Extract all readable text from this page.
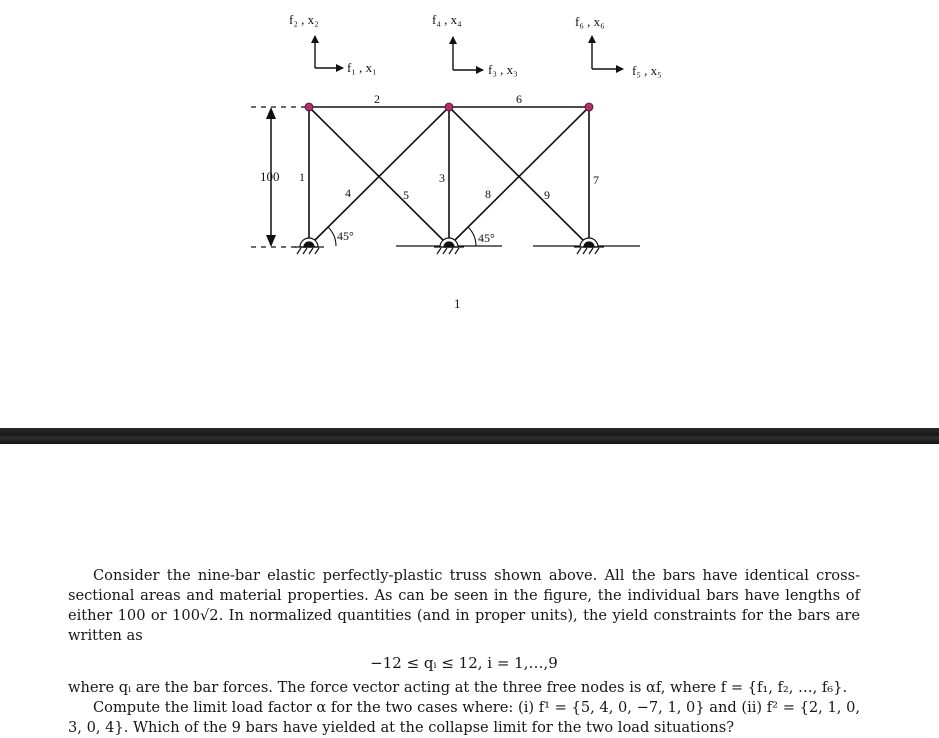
f₂ , x₂
f₁ , x₁
f₄ , x₄
f₃ , x₃
f₆ , x₆
f₅ , x₅
100
45°	45°
1
2
3
4	5
6
7
8	9
1

Consider the nine-bar elastic perfectly-plastic truss shown above. All the bars have identical cross-sectional areas and material properties. As can be seen in the figure, the individual bars have lengths of either 100 or 100√2. In normalized quantities (and in proper units), the yield constraints for the bars are written as

−12 ≤ qᵢ ≤ 12, i = 1,…,9

where qᵢ are the bar forces. The force vector acting at the three free nodes is αf, where f = {f₁, f₂, …, f₆}.

Compute the limit load factor α for the two cases where: (i) f¹ = {5, 4, 0, −7, 1, 0} and (ii) f² = {2, 1, 0, 3, 0, 4}. Which of the 9 bars have yielded at the collapse limit for the two load situations?
